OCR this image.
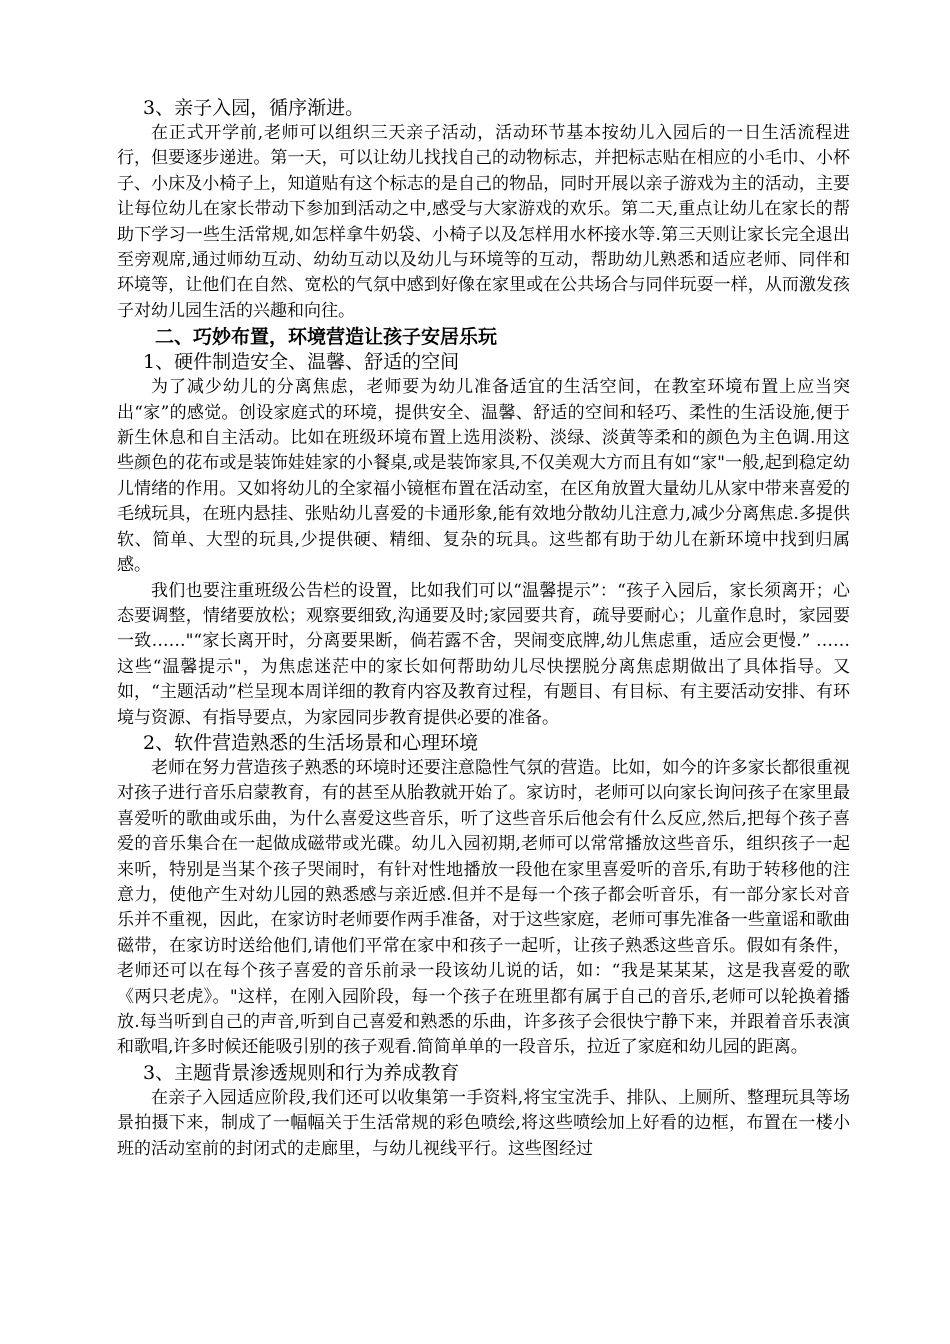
3、亲子入园，循序渐进。

在正式开学前,老师可以组织三天亲子活动，活动环节基本按幼儿入园后的一日生活流程进行，但要逐步递进。第一天，可以让幼儿找找自己的动物标志，并把标志贴在相应的小毛巾、小杯子、小床及小椅子上，知道贴有这个标志的是自己的物品，同时开展以亲子游戏为主的活动，主要让每位幼儿在家长带动下参加到活动之中,感受与大家游戏的欢乐。第二天,重点让幼儿在家长的帮助下学习一些生活常规,如怎样拿牛奶袋、小椅子以及怎样用水杯接水等.第三天则让家长完全退出至旁观席,通过师幼互动、幼幼互动以及幼儿与环境等的互动，帮助幼儿熟悉和适应老师、同伴和环境等，让他们在自然、宽松的气氛中感到好像在家里或在公共场合与同伴玩耍一样，从而激发孩子对幼儿园生活的兴趣和向往。

二、巧妙布置，环境营造让孩子安居乐玩
1、硬件制造安全、温馨、舒适的空间

为了减少幼儿的分离焦虑，老师要为幼儿准备适宜的生活空间，在教室环境布置上应当突出“家”的感觉。创设家庭式的环境，提供安全、温馨、舒适的空间和轻巧、柔性的生活设施,便于新生休息和自主活动。比如在班级环境布置上选用淡粉、淡绿、淡黄等柔和的颜色为主色调.用这些颜色的花布或是装饰娃娃家的小餐桌,或是装饰家具,不仅美观大方而且有如“家"一般,起到稳定幼儿情绪的作用。又如将幼儿的全家福小镜框布置在活动室，在区角放置大量幼儿从家中带来喜爱的毛绒玩具，在班内悬挂、张贴幼儿喜爱的卡通形象,能有效地分散幼儿注意力,减少分离焦虑.多提供软、简单、大型的玩具,少提供硬、精细、复杂的玩具。这些都有助于幼儿在新环境中找到归属感。

我们也要注重班级公告栏的设置，比如我们可以“温馨提示”：“孩子入园后，家长须离开；心态要调整，情绪要放松；观察要细致,沟通要及时;家园要共育，疏导要耐心；儿童作息时，家园要一致……"“家长离开时，分离要果断，倘若露不舍，哭闹变底牌,幼儿焦虑重，适应会更慢.” ……这些“温馨提示"，为焦虑迷茫中的家长如何帮助幼儿尽快摆脱分离焦虑期做出了具体指导。又如，“主题活动”栏呈现本周详细的教育内容及教育过程，有题目、有目标、有主要活动安排、有环境与资源、有指导要点，为家园同步教育提供必要的准备。

2、软件营造熟悉的生活场景和心理环境

老师在努力营造孩子熟悉的环境时还要注意隐性气氛的营造。比如，如今的许多家长都很重视对孩子进行音乐启蒙教育，有的甚至从胎教就开始了。家访时，老师可以向家长询问孩子在家里最喜爱听的歌曲或乐曲，为什么喜爱这些音乐，听了这些音乐后他会有什么反应,然后,把每个孩子喜爱的音乐集合在一起做成磁带或光碟。幼儿入园初期,老师可以常常播放这些音乐，组织孩子一起来听，特别是当某个孩子哭闹时，有针对性地播放一段他在家里喜爱听的音乐,有助于转移他的注意力，使他产生对幼儿园的熟悉感与亲近感.但并不是每一个孩子都会听音乐，有一部分家长对音乐并不重视，因此，在家访时老师要作两手准备，对于这些家庭，老师可事先准备一些童谣和歌曲磁带，在家访时送给他们,请他们平常在家中和孩子一起听，让孩子熟悉这些音乐。假如有条件，老师还可以在每个孩子喜爱的音乐前录一段该幼儿说的话，如：“我是某某某，这是我喜爱的歌《两只老虎》。"这样，在刚入园阶段，每一个孩子在班里都有属于自己的音乐,老师可以轮换着播放.每当听到自己的声音,听到自己喜爱和熟悉的乐曲，许多孩子会很快宁静下来，并跟着音乐表演和歌唱,许多时候还能吸引别的孩子观看.简简单单的一段音乐，拉近了家庭和幼儿园的距离。

3、主题背景渗透规则和行为养成教育

在亲子入园适应阶段,我们还可以收集第一手资料,将宝宝洗手、排队、上厕所、整理玩具等场景拍摄下来，制成了一幅幅关于生活常规的彩色喷绘,将这些喷绘加上好看的边框，布置在一楼小班的活动室前的封闭式的走廊里，与幼儿视线平行。这些图经过
